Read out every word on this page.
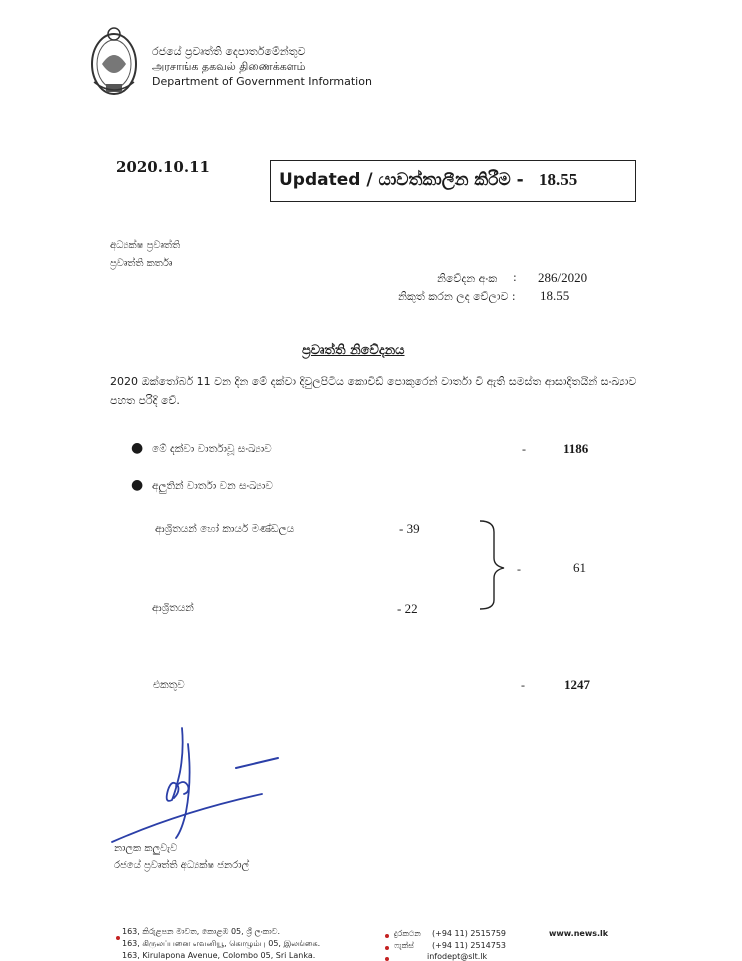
රජයේ ප්‍රවෘත්ති දෙපාර්තමේන්තුව
அரசாங்க தகவல் திணைக்களம்
Department of Government Information
2020.10.11
Updated / යාවත්කාලීන කිරීම - 18.55
අධ්‍යක්ෂ ප්‍රවෘත්ති
ප්‍රවෘත්ති කර්තෘ
නිවේදන අංක : 286/2020
නිකුත් කරන ලද වේලාව : 18.55
ප්‍රවෘත්ති නිවේදනය
2020 ඔක්තෝබර් 11 වන දින මේ දක්වා දිවුලපිටිය කොවිඩ් පොකුරෙන් වාර්තා වී ඇති සමස්ත ආසාදිතයින් සංඛ්‍යාව පහත පරිදි වේ.
● මේ දක්වා වාර්තාවූ සංඛ්‍යාව	-	1186
● අලුතින් වාර්තා වන සංඛ්‍යාව
ආශ්‍රිතයන් හෝ කාර්ය මණ්ඩලය	- 39
ආශ්‍රිතයන්	- 22
-	61
එකතුව	-	1247
නාලක කලුවැව
රජයේ ප්‍රවෘත්ති අධ්‍යක්ෂ ජනරාල්
163, කිරුළපන මාවත, කොළඹ 05, ශ්‍රී ලංකාව.
163, கிருலப்பனை எவனியூ, கொழும்பு 05, இலங்கை.
163, Kirulapona Avenue, Colombo 05, Sri Lanka.
දුරකථන (+94 11) 2515759
ෆැක්ස් (+94 11) 2514753
infodept@slt.lk
www.news.lk
